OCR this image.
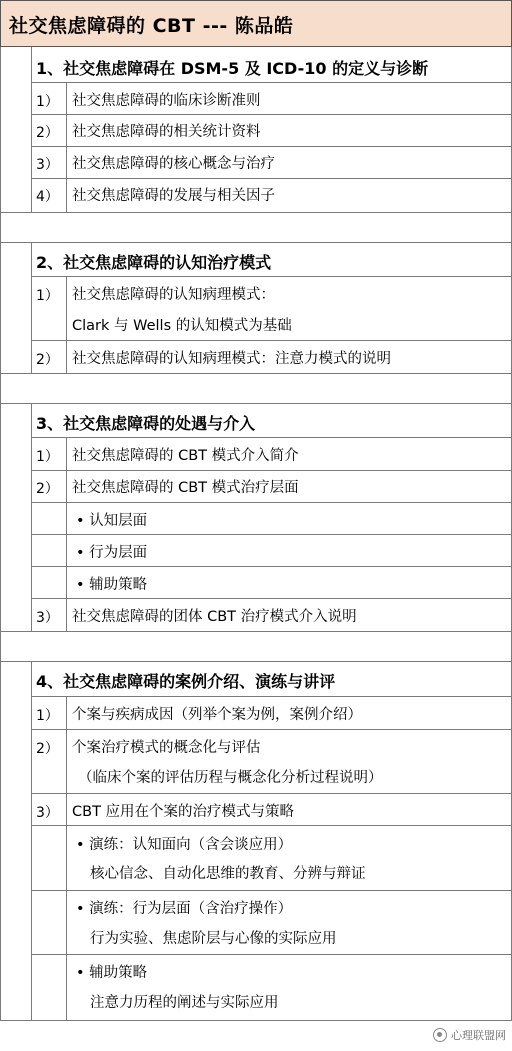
社交焦虑障碍的 CBT --- 陈品皓
1、社交焦虑障碍在 DSM-5 及 ICD-10 的定义与诊断
1） 社交焦虑障碍的临床诊断准则
2） 社交焦虑障碍的相关统计资料
3） 社交焦虑障碍的核心概念与治疗
4） 社交焦虑障碍的发展与相关因子
2、社交焦虑障碍的认知治疗模式
1） 社交焦虑障碍的认知病理模式：
Clark 与 Wells 的认知模式为基础
2） 社交焦虑障碍的认知病理模式：注意力模式的说明
3、社交焦虑障碍的处遇与介入
1） 社交焦虑障碍的 CBT 模式介入简介
2） 社交焦虑障碍的 CBT 模式治疗层面
• 认知层面
• 行为层面
• 辅助策略
3） 社交焦虑障碍的团体 CBT 治疗模式介入说明
4、社交焦虑障碍的案例介绍、演练与讲评
1） 个案与疾病成因（列举个案为例，案例介绍）
2） 个案治疗模式的概念化与评估
（临床个案的评估历程与概念化分析过程说明）
3） CBT 应用在个案的治疗模式与策略
• 演练：认知面向（含会谈应用）
核心信念、自动化思维的教育、分辨与辩证
• 演练：行为层面（含治疗操作）
行为实验、焦虑阶层与心像的实际应用
• 辅助策略
注意力历程的阐述与实际应用
心理联盟网
